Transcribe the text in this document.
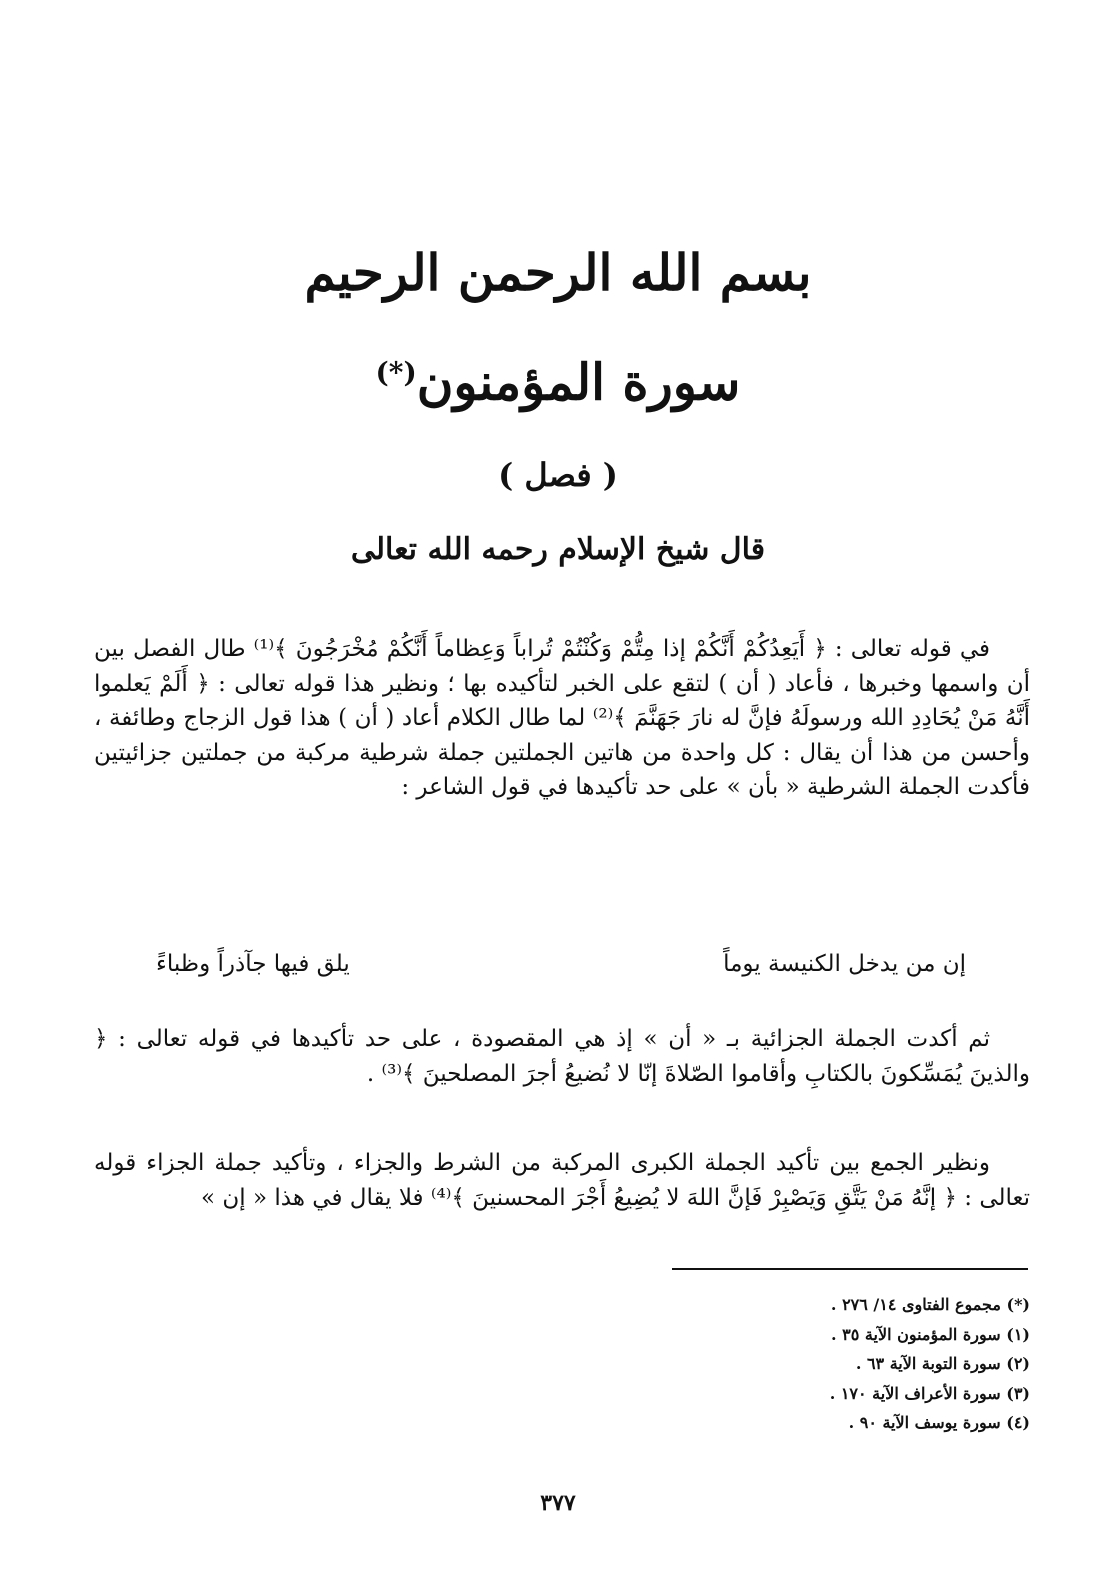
بسم الله الرحمن الرحيم
سورة المؤمنون(*)
( فصل )
قال شيخ الإسلام رحمه الله تعالى
في قوله تعالى : ﴿ أَيَعِدُكُمْ أَنَّكُمْ إذا مِتُّمْ وَكُنْتُمْ تُراباً وَعِظاماً أَنَّكُمْ مُخْرَجُونَ ﴾⁽¹⁾ طال الفصل بين أن واسمها وخبرها ، فأعاد ( أن ) لتقع على الخبر لتأكيده بها ؛ ونظير هذا قوله تعالى : ﴿ أَلَمْ يَعلموا أَنَّهُ مَنْ يُحَادِدِ الله ورسولَهُ فإنَّ له نارَ جَهَنَّمَ ﴾⁽²⁾ لما طال الكلام أعاد ( أن ) هذا قول الزجاج وطائفة ، وأحسن من هذا أن يقال : كل واحدة من هاتين الجملتين جملة شرطية مركبة من جملتين جزائيتين فأكدت الجملة الشرطية « بأن » على حد تأكيدها في قول الشاعر :
إن من يدخل الكنيسة يوماً
يلق فيها جآذراً وظباءً
ثم أكدت الجملة الجزائية بـ « أن » إذ هي المقصودة ، على حد تأكيدها في قوله تعالى : ﴿ والذينَ يُمَسِّكونَ بالكتابِ وأقاموا الصّلاةَ إنّا لا نُضيعُ أجرَ المصلحينَ ﴾⁽³⁾ .
ونظير الجمع بين تأكيد الجملة الكبرى المركبة من الشرط والجزاء ، وتأكيد جملة الجزاء قوله تعالى : ﴿ إنَّهُ مَنْ يَتَّقِ وَيَصْبِرْ فَإنَّ اللهَ لا يُضِيعُ أَجْرَ المحسنينَ ﴾⁽⁴⁾ فلا يقال في هذا « إن »
(*) مجموع الفتاوى ١٤/ ٢٧٦ .
(١) سورة المؤمنون الآية ٣٥ .
(٢) سورة التوبة الآية ٦٣ .
(٣) سورة الأعراف الآية ١٧٠ .
(٤) سورة يوسف الآية ٩٠ .
٣٧٧
